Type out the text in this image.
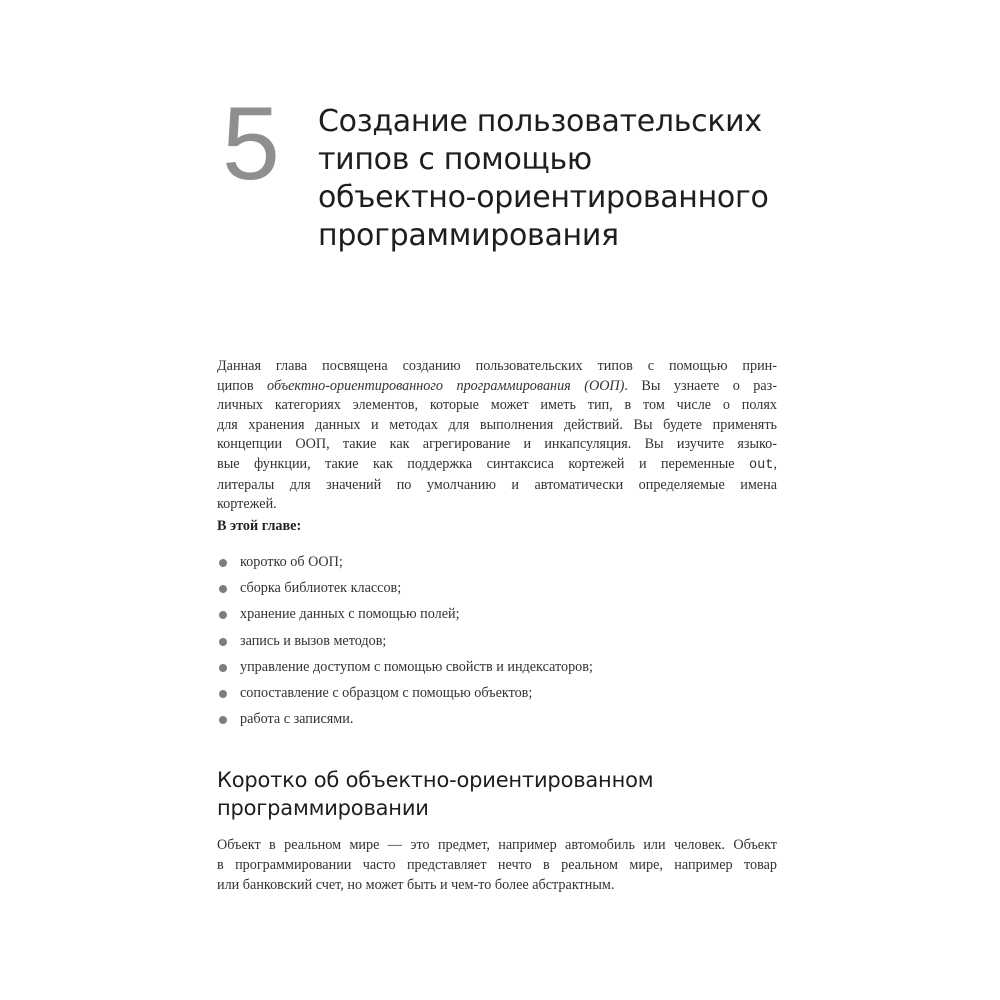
5 Создание пользовательских
типов с помощью
объектно-ориентированного
программирования

Данная глава посвящена созданию пользовательских типов с помощью прин-
ципов объектно-ориентированного программирования (ООП). Вы узнаете о раз-
личных категориях элементов, которые может иметь тип, в том числе о полях
для хранения данных и методах для выполнения действий. Вы будете применять
концепции ООП, такие как агрегирование и инкапсуляция. Вы изучите языко-
вые функции, такие как поддержка синтаксиса кортежей и переменные out,
литералы для значений по умолчанию и автоматически определяемые имена
кортежей.

В этой главе:

коротко об ООП;
сборка библиотек классов;
хранение данных с помощью полей;
запись и вызов методов;
управление доступом с помощью свойств и индексаторов;
сопоставление с образцом с помощью объектов;
работа с записями.
Коротко об объектно-ориентированном
программировании

Объект в реальном мире — это предмет, например автомобиль или человек. Объект
в программировании часто представляет нечто в реальном мире, например товар
или банковский счет, но может быть и чем-то более абстрактным.
